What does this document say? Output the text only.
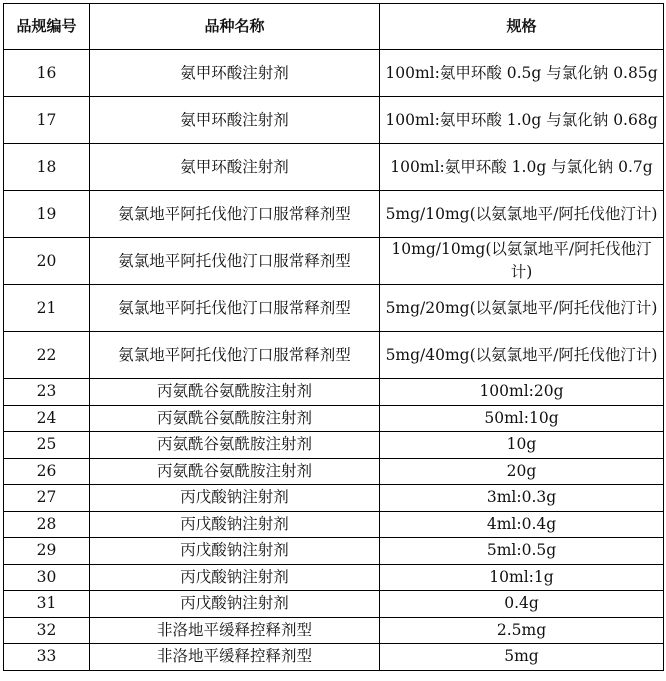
品规编号	品种名称	规格
16	氨甲环酸注射剂	100ml:氨甲环酸 0.5g 与氯化钠 0.85g
17	氨甲环酸注射剂	100ml:氨甲环酸 1.0g 与氯化钠 0.68g
18	氨甲环酸注射剂	100ml:氨甲环酸 1.0g 与氯化钠 0.7g
19	氨氯地平阿托伐他汀口服常释剂型	5mg/10mg(以氨氯地平/阿托伐他汀计)
20	氨氯地平阿托伐他汀口服常释剂型	10mg/10mg(以氨氯地平/阿托伐他汀计)
21	氨氯地平阿托伐他汀口服常释剂型	5mg/20mg(以氨氯地平/阿托伐他汀计)
22	氨氯地平阿托伐他汀口服常释剂型	5mg/40mg(以氨氯地平/阿托伐他汀计)
23	丙氨酰谷氨酰胺注射剂	100ml:20g
24	丙氨酰谷氨酰胺注射剂	50ml:10g
25	丙氨酰谷氨酰胺注射剂	10g
26	丙氨酰谷氨酰胺注射剂	20g
27	丙戊酸钠注射剂	3ml:0.3g
28	丙戊酸钠注射剂	4ml:0.4g
29	丙戊酸钠注射剂	5ml:0.5g
30	丙戊酸钠注射剂	10ml:1g
31	丙戊酸钠注射剂	0.4g
32	非洛地平缓释控释剂型	2.5mg
33	非洛地平缓释控释剂型	5mg
